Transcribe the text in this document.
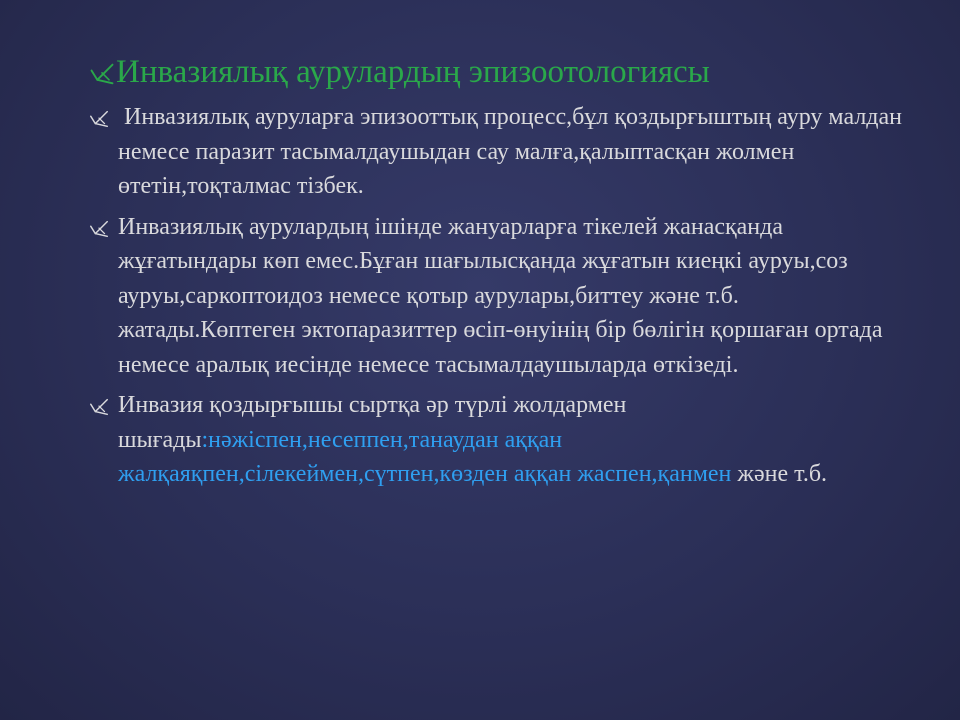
Инвазиялық аурулардың эпизоотологиясы
Инвазиялық ауруларға эпизооттық процесс,бұл қоздырғыштың ауру малдан немесе паразит тасымалдаушыдан сау малға,қалыптасқан жолмен өтетін,тоқталмас тізбек.
Инвазиялық аурулардың ішінде жануарларға тікелей жанасқанда жұғатындары көп емес.Бұған шағылысқанда жұғатын киеңкі ауруы,соз ауруы,саркоптоидоз немесе қотыр аурулары,биттеу және т.б. жатады.Көптеген эктопаразиттер өсіп-өнуінің бір бөлігін қоршаған ортада немесе аралық иесінде немесе тасымалдаушыларда өткізеді.
Инвазия қоздырғышы сыртқа әр түрлі жолдармен шығады:нәжіспен,несеппен,танаудан аққан жалқаяқпен,сілекеймен,сүтпен,көзден аққан жаспен,қанмен және т.б.
